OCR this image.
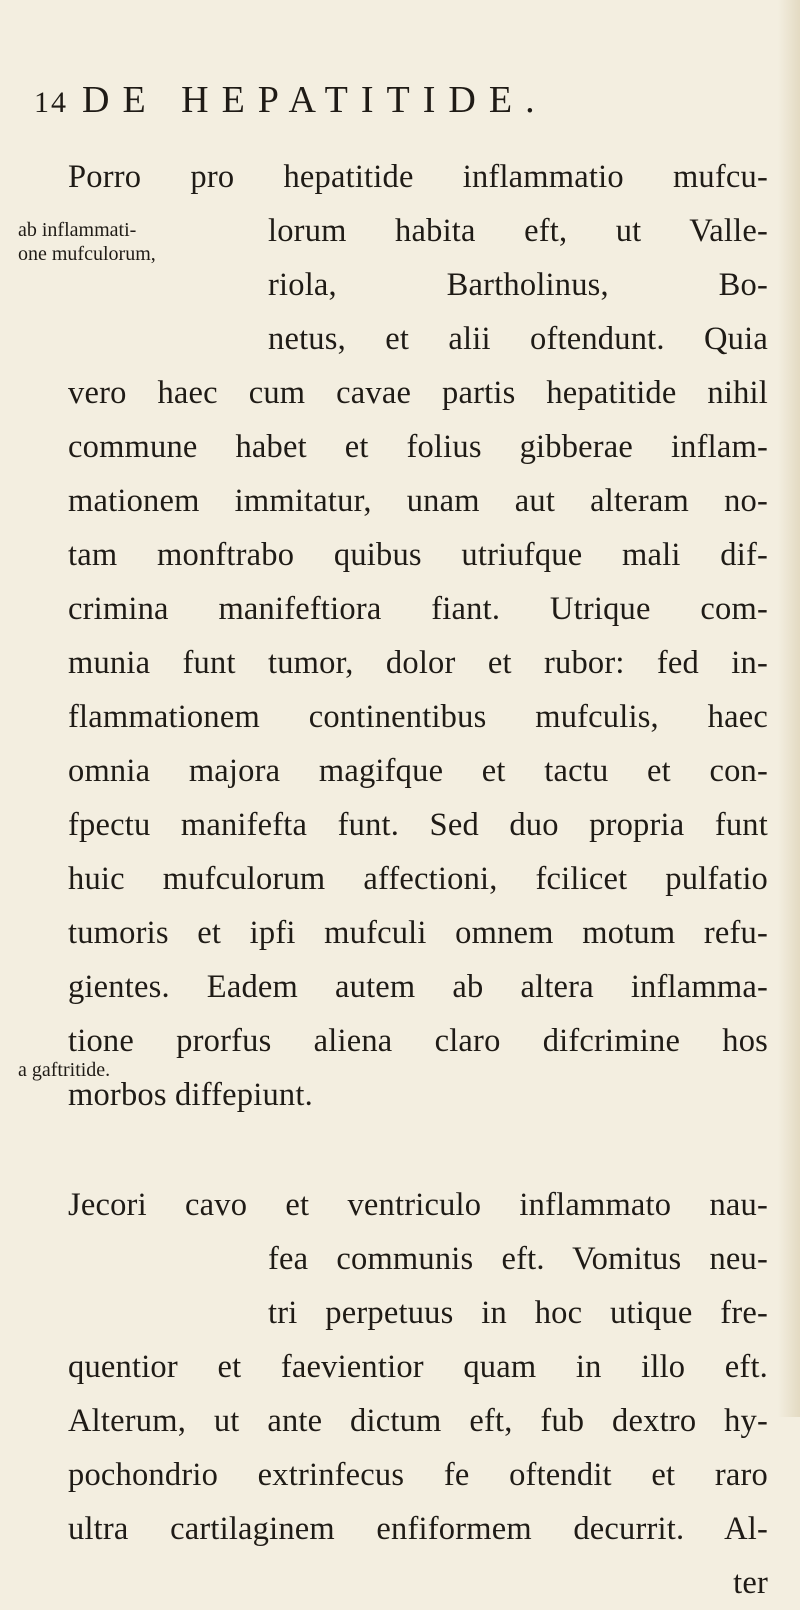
14 DE HEPATITIDE.
ab inflammati-
one mufculorum,
a gaftritide.
Porro pro hepatitide inflammatio mufcu-
lorum habita eft, ut Valle-
riola, Bartholinus, Bo-
netus, et alii oftendunt. Quia
vero haec cum cavae partis hepatitide nihil
commune habet et folius gibberae inflam-
mationem immitatur, unam aut alteram no-
tam monftrabo quibus utriufque mali dif-
crimina manifeftiora fiant. Utrique com-
munia funt tumor, dolor et rubor: fed in-
flammationem continentibus mufculis, haec
omnia majora magifque et tactu et con-
fpectu manifefta funt. Sed duo propria funt
huic mufculorum affectioni, fcilicet pulfatio
tumoris et ipfi mufculi omnem motum refu-
gientes. Eadem autem ab altera inflamma-
tione prorfus aliena claro difcrimine hos
morbos diffepiunt.
Jecori cavo et ventriculo inflammato nau-
fea communis eft. Vomitus neu-
tri perpetuus in hoc utique fre-
quentior et faevientior quam in illo eft.
Alterum, ut ante dictum eft, fub dextro hy-
pochondrio extrinfecus fe oftendit et raro
ultra cartilaginem enfiformem decurrit. Al-
ter
